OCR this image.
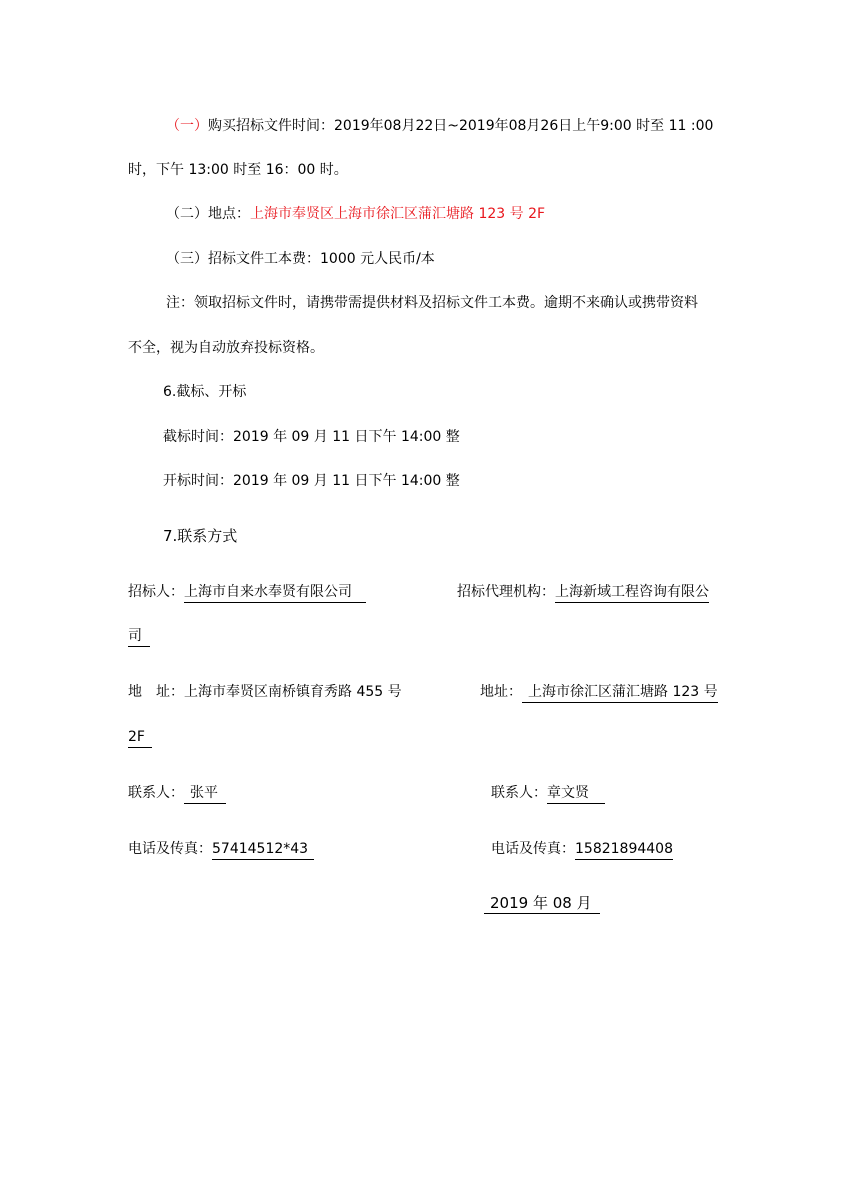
（一）购买招标文件时间：2019年08月22日~2019年08月26日上午9:00 时至 11 :00
时，下午 13:00 时至 16：00 时。
（二）地点：上海市奉贤区上海市徐汇区蒲汇塘路 123 号 2F
（三）招标文件工本费：1000 元人民币/本
注：领取招标文件时，请携带需提供材料及招标文件工本费。逾期不来确认或携带资料
不全，视为自动放弃投标资格。
6.截标、开标
截标时间：2019 年 09 月 11 日下午 14:00 整
开标时间：2019 年 09 月 11 日下午 14:00 整
7.联系方式
招标人：上海市自来水奉贤有限公司	招标代理机构：上海新域工程咨询有限公
司
地　址：上海市奉贤区南桥镇育秀路 455 号	地址： 上海市徐汇区蒲汇塘路 123 号
2F
联系人： 张平	联系人：章文贤
电话及传真：57414512*43	电话及传真：15821894408
2019 年 08 月
